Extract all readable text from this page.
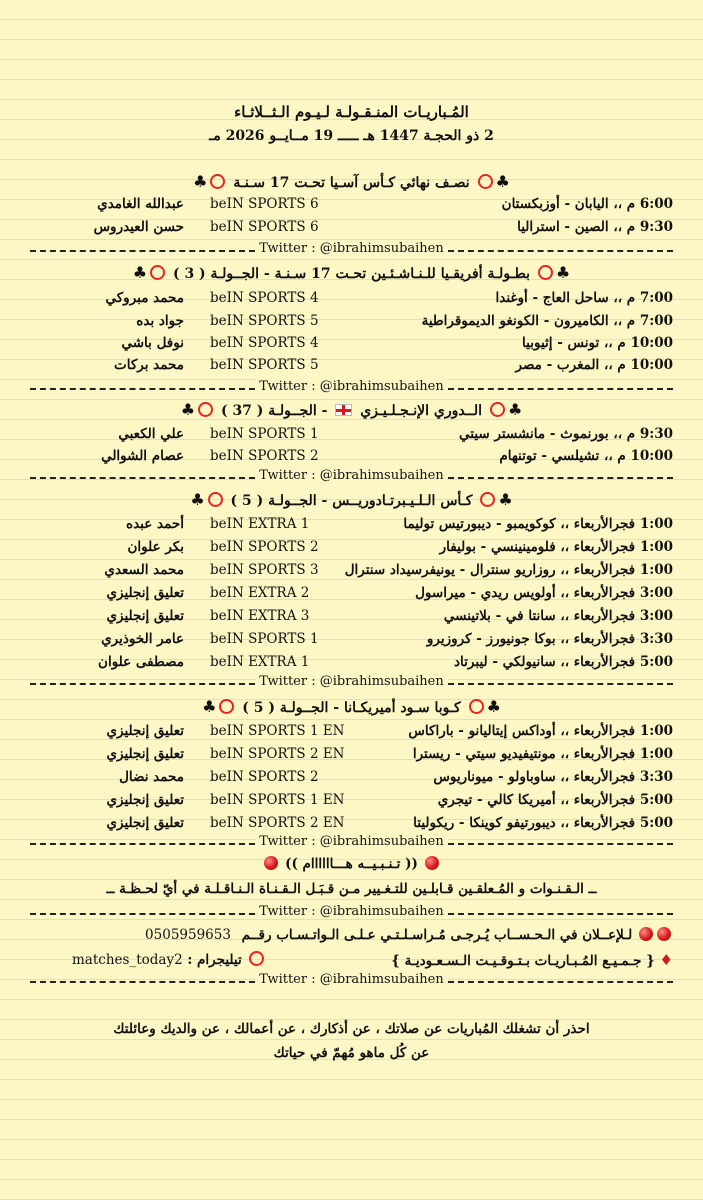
المُـباريـات المنـقـولـة لـيـوم الـثــلاثـاء
2 ذو الحجـة 1447 هـ ـــــ 19 مــايــو 2026 مـ
♣ نصـف نهائي كـأس آسـيا تحـت 17 سـنـة ♣
6:00 م ،، اليابان - أوزبكستان
beIN SPORTS 6
عبدالله الغامدي
9:30 م ،، الصين - استراليا
beIN SPORTS 6
حسن العيدروس
Twitter : @ibrahimsubaihen
♣ بطـولـة أفريقـيا للـنـاشـئـين تحـت 17 سـنـة - الجــولـة ( 3 ) ♣
7:00 م ،، ساحل العاج - أوغندا
beIN SPORTS 4
محمد مبروكي
7:00 م ،، الكاميرون - الكونغو الديموقراطية
beIN SPORTS 5
جواد بده
10:00 م ،، تونس - إثيوبيا
beIN SPORTS 4
نوفل باشي
10:00 م ،، المغرب - مصر
beIN SPORTS 5
محمد بركات
Twitter : @ibrahimsubaihen
♣ الــدوري الإنـجـلـيـزي  - الجــولـة ( 37 ) ♣
9:30 م ،، بورنموث - مانشستر سيتي
beIN SPORTS 1
علي الكعبي
10:00 م ،، تشيلسي - توتنهام
beIN SPORTS 2
عصام الشوالي
Twitter : @ibrahimsubaihen
♣ كـأس الـلـيـبرتـادوريــس - الجــولـة ( 5 ) ♣
1:00 فجرالأربعاء ،، كوكويمبو - ديبورتيس توليما
beIN EXTRA 1
أحمد عبده
1:00 فجرالأربعاء ،، فلومينينسي - بوليفار
beIN SPORTS 2
بكر علوان
1:00 فجرالأربعاء ،، روزاريو سنترال - يونيفرسيداد سنترال
beIN SPORTS 3
محمد السعدي
3:00 فجرالأربعاء ،، أولويس ريدي - ميراسول
beIN EXTRA 2
تعليق إنجليزي
3:00 فجرالأربعاء ،، سانتا في - بلاتينسي
beIN EXTRA 3
تعليق إنجليزي
3:30 فجرالأربعاء ،، بوكا جونيورز - كروزيرو
beIN SPORTS 1
عامر الخوذيري
5:00 فجرالأربعاء ،، سانيولكي - ليبرتاد
beIN EXTRA 1
مصطفى علوان
Twitter : @ibrahimsubaihen
♣ كـوبا سـود أميريكـانا - الجــولـة ( 5 ) ♣
1:00 فجرالأربعاء ،، أوداكس إيتاليانو - باراكاس
beIN SPORTS 1 EN
تعليق إنجليزي
1:00 فجرالأربعاء ،، مونتيفيديو سيتي - ريسترا
beIN SPORTS 2 EN
تعليق إنجليزي
3:30 فجرالأربعاء ،، ساوباولو - ميوناريوس
beIN SPORTS 2
محمد نضال
5:00 فجرالأربعاء ،، أميريكا كالي - تيجري
beIN SPORTS 1 EN
تعليق إنجليزي
5:00 فجرالأربعاء ،، ديبورتيفو كوينكا - ريكوليتا
beIN SPORTS 2 EN
تعليق إنجليزي
Twitter : @ibrahimsubaihen
(( تـنـبـيــه هـــاااااام ))
ــ الـقـنـوات و المُـعلقـين قـابلـين للتـغـيير مـن قـبَـل الـقـنـاة الـنـاقـلـة في أيّ لحـظـة ــ
Twitter : @ibrahimsubaihen
لـلإعــلان في الـحـســاب يُـرجـى مُـراسـلـتـي عـلـى الـواتـسـاب رقــم 0505959653
♦ { جـمـيـع المُـبـاريـات بـتـوقـيـت الـسـعـوديـة }
تيليجرام : matches_today2
Twitter : @ibrahimsubaihen
احذر أن تشغلك المُباريات عن صلاتك ، عن أذكارك ، عن أعمالك ، عن والديك وعائلتك
عن كُل ماهو مُهمّ في حياتك
